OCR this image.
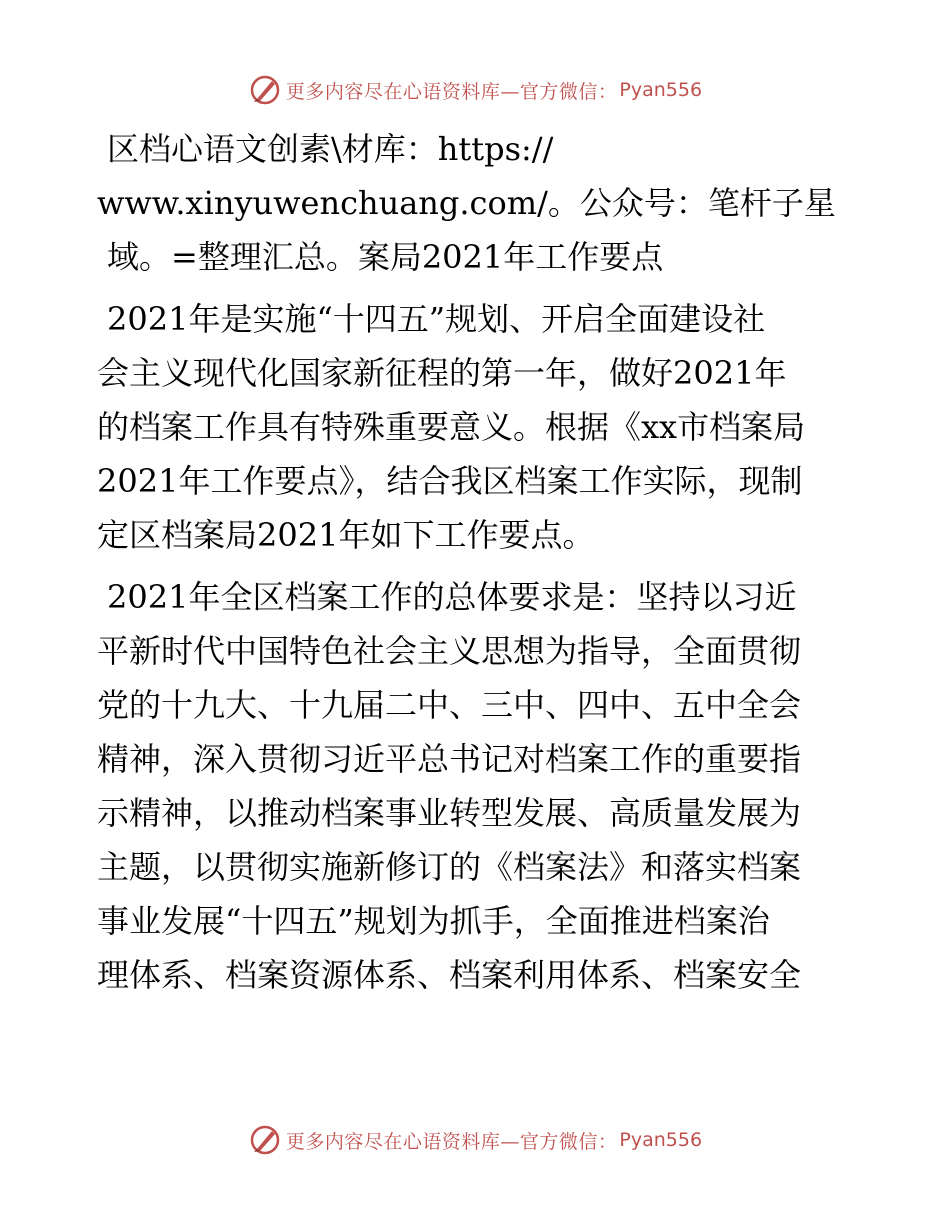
更多内容尽在心语资料库—官方微信： Pyan556

区档心语文创素\材库：https://
www.xinyuwenchuang.com/。公众号：笔杆子星
域。=整理汇总。案局2021年工作要点

2021年是实施“十四五”规划、开启全面建设社
会主义现代化国家新征程的第一年，做好2021年
的档案工作具有特殊重要意义。根据《xx市档案局
2021年工作要点》，结合我区档案工作实际，现制
定区档案局2021年如下工作要点。

2021年全区档案工作的总体要求是：坚持以习近
平新时代中国特色社会主义思想为指导，全面贯彻
党的十九大、十九届二中、三中、四中、五中全会
精神，深入贯彻习近平总书记对档案工作的重要指
示精神，以推动档案事业转型发展、高质量发展为
主题，以贯彻实施新修订的《档案法》和落实档案
事业发展“十四五”规划为抓手，全面推进档案治
理体系、档案资源体系、档案利用体系、档案安全

更多内容尽在心语资料库—官方微信： Pyan556
